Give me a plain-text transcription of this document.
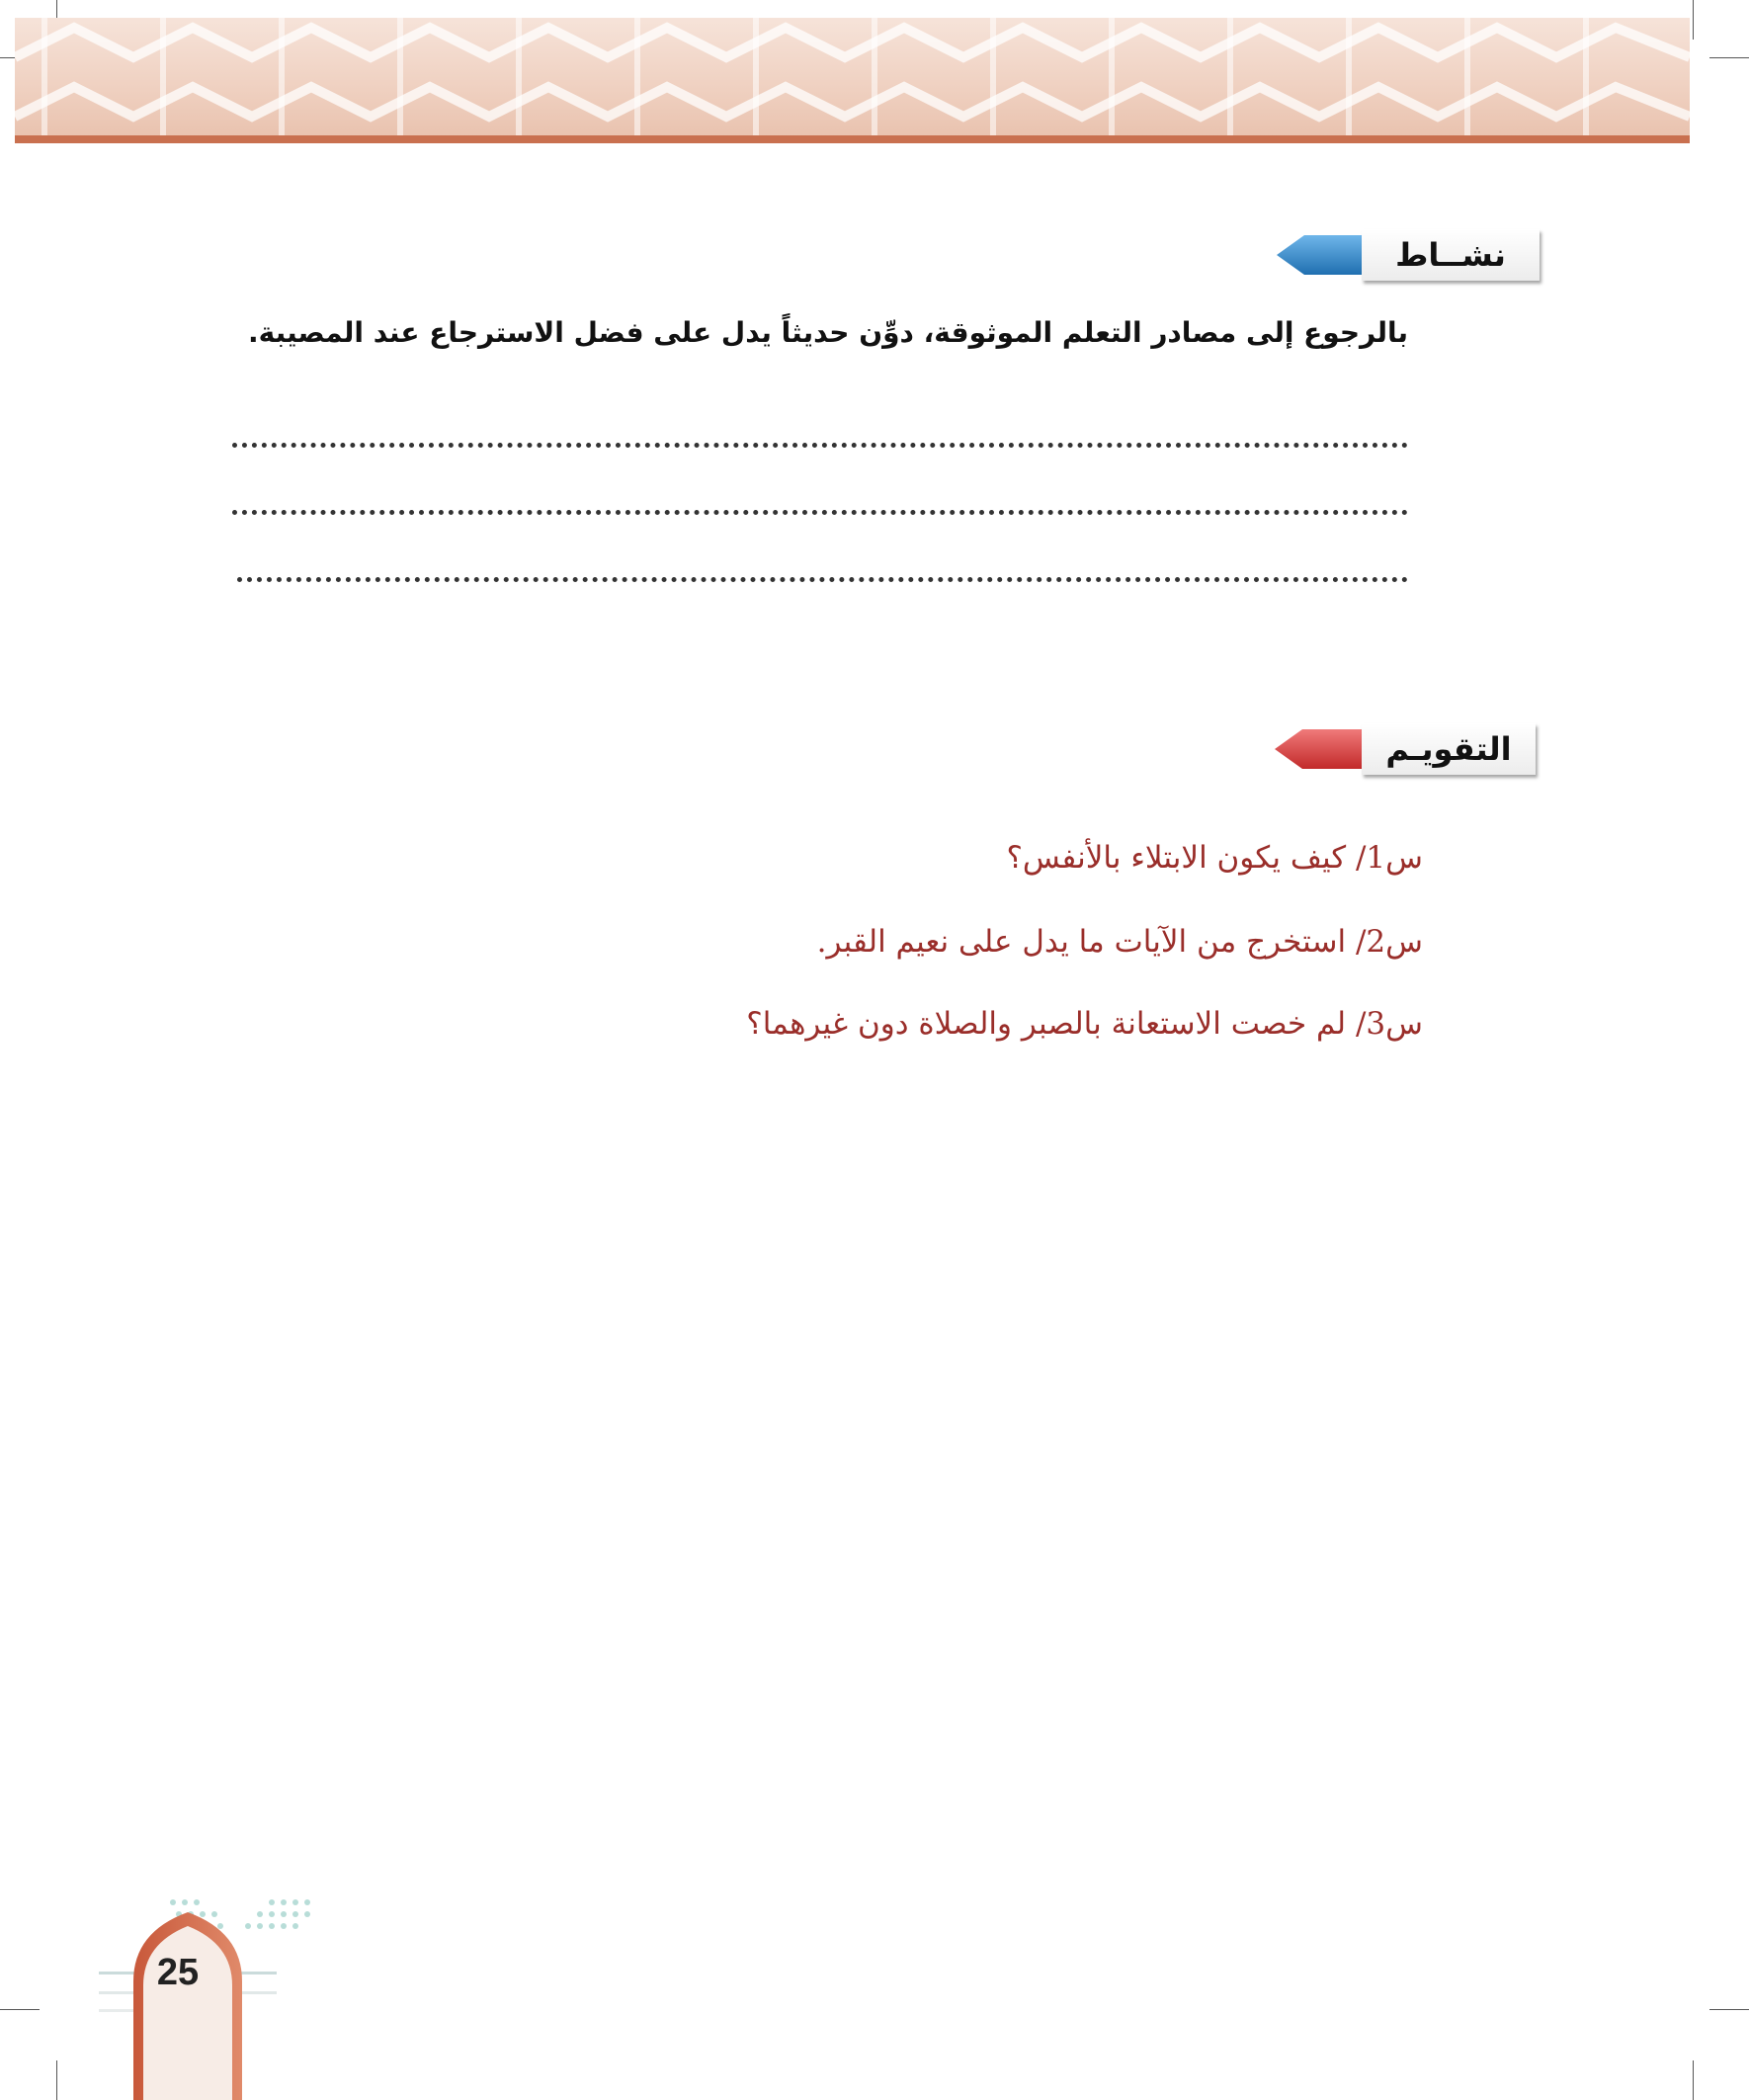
نشــاط
بالرجوع إلى مصادر التعلم الموثوقة، دوِّن حديثاً يدل على فضل الاسترجاع عند المصيبة.
التقويـم
س1/ كيف يكون الابتلاء بالأنفس؟
س2/ استخرج من الآيات ما يدل على نعيم القبر.
س3/ لم خصت الاستعانة بالصبر والصلاة دون غيرهما؟
25
